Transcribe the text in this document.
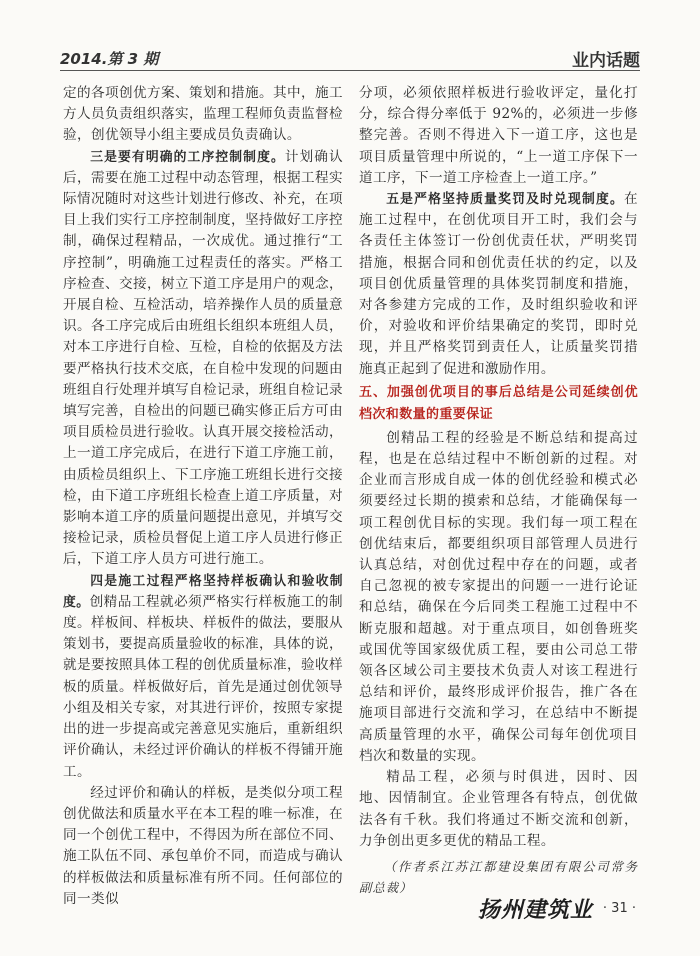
2014.第 3 期	业内话题

定的各项创优方案、策划和措施。其中，施工方人员负责组织落实，监理工程师负责监督检验，创优领导小组主要成员负责确认。

三是要有明确的工序控制制度。计划确认后，需要在施工过程中动态管理，根据工程实际情况随时对这些计划进行修改、补充，在项目上我们实行工序控制制度，坚持做好工序控制，确保过程精品，一次成优。通过推行“工序控制”，明确施工过程责任的落实。严格工序检查、交接，树立下道工序是用户的观念，开展自检、互检活动，培养操作人员的质量意识。各工序完成后由班组长组织本班组人员，对本工序进行自检、互检，自检的依据及方法要严格执行技术交底，在自检中发现的问题由班组自行处理并填写自检记录，班组自检记录填写完善，自检出的问题已确实修正后方可由项目质检员进行验收。认真开展交接检活动，上一道工序完成后，在进行下道工序施工前，由质检员组织上、下工序施工班组长进行交接检，由下道工序班组长检查上道工序质量，对影响本道工序的质量问题提出意见，并填写交接检记录，质检员督促上道工序人员进行修正后，下道工序人员方可进行施工。

四是施工过程严格坚持样板确认和验收制度。创精品工程就必须严格实行样板施工的制度。样板间、样板块、样板件的做法，要服从策划书，要提高质量验收的标准，具体的说，就是要按照具体工程的创优质量标准，验收样板的质量。样板做好后，首先是通过创优领导小组及相关专家，对其进行评价，按照专家提出的进一步提高或完善意见实施后，重新组织评价确认，未经过评价确认的样板不得铺开施工。

经过评价和确认的样板，是类似分项工程创优做法和质量水平在本工程的唯一标准，在同一个创优工程中，不得因为所在部位不同、施工队伍不同、承包单价不同，而造成与确认的样板做法和质量标准有所不同。任何部位的同一类似

分项，必须依照样板进行验收评定，量化打分，综合得分率低于 92%的，必须进一步修整完善。否则不得进入下一道工序，这也是项目质量管理中所说的，“上一道工序保下一道工序，下一道工序检查上一道工序。”

五是严格坚持质量奖罚及时兑现制度。在施工过程中，在创优项目开工时，我们会与各责任主体签订一份创优责任状，严明奖罚措施，根据合同和创优责任状的约定，以及项目创优质量管理的具体奖罚制度和措施，对各参建方完成的工作，及时组织验收和评价，对验收和评价结果确定的奖罚，即时兑现，并且严格奖罚到责任人，让质量奖罚措施真正起到了促进和激励作用。

五、加强创优项目的事后总结是公司延续创优档次和数量的重要保证

创精品工程的经验是不断总结和提高过程，也是在总结过程中不断创新的过程。对企业而言形成自成一体的创优经验和模式必须要经过长期的摸索和总结，才能确保每一项工程创优目标的实现。我们每一项工程在创优结束后，都要组织项目部管理人员进行认真总结，对创优过程中存在的问题，或者自己忽视的被专家提出的问题一一进行论证和总结，确保在今后同类工程施工过程中不断克服和超越。对于重点项目，如创鲁班奖或国优等国家级优质工程，要由公司总工带领各区域公司主要技术负责人对该工程进行总结和评价，最终形成评价报告，推广各在施项目部进行交流和学习，在总结中不断提高质量管理的水平，确保公司每年创优项目档次和数量的实现。

精品工程，必须与时俱进，因时、因地、因情制宜。企业管理各有特点，创优做法各有千秋。我们将通过不断交流和创新，力争创出更多更优的精品工程。

（作者系江苏江都建设集团有限公司常务副总裁）

扬州建筑业 · 31 ·
